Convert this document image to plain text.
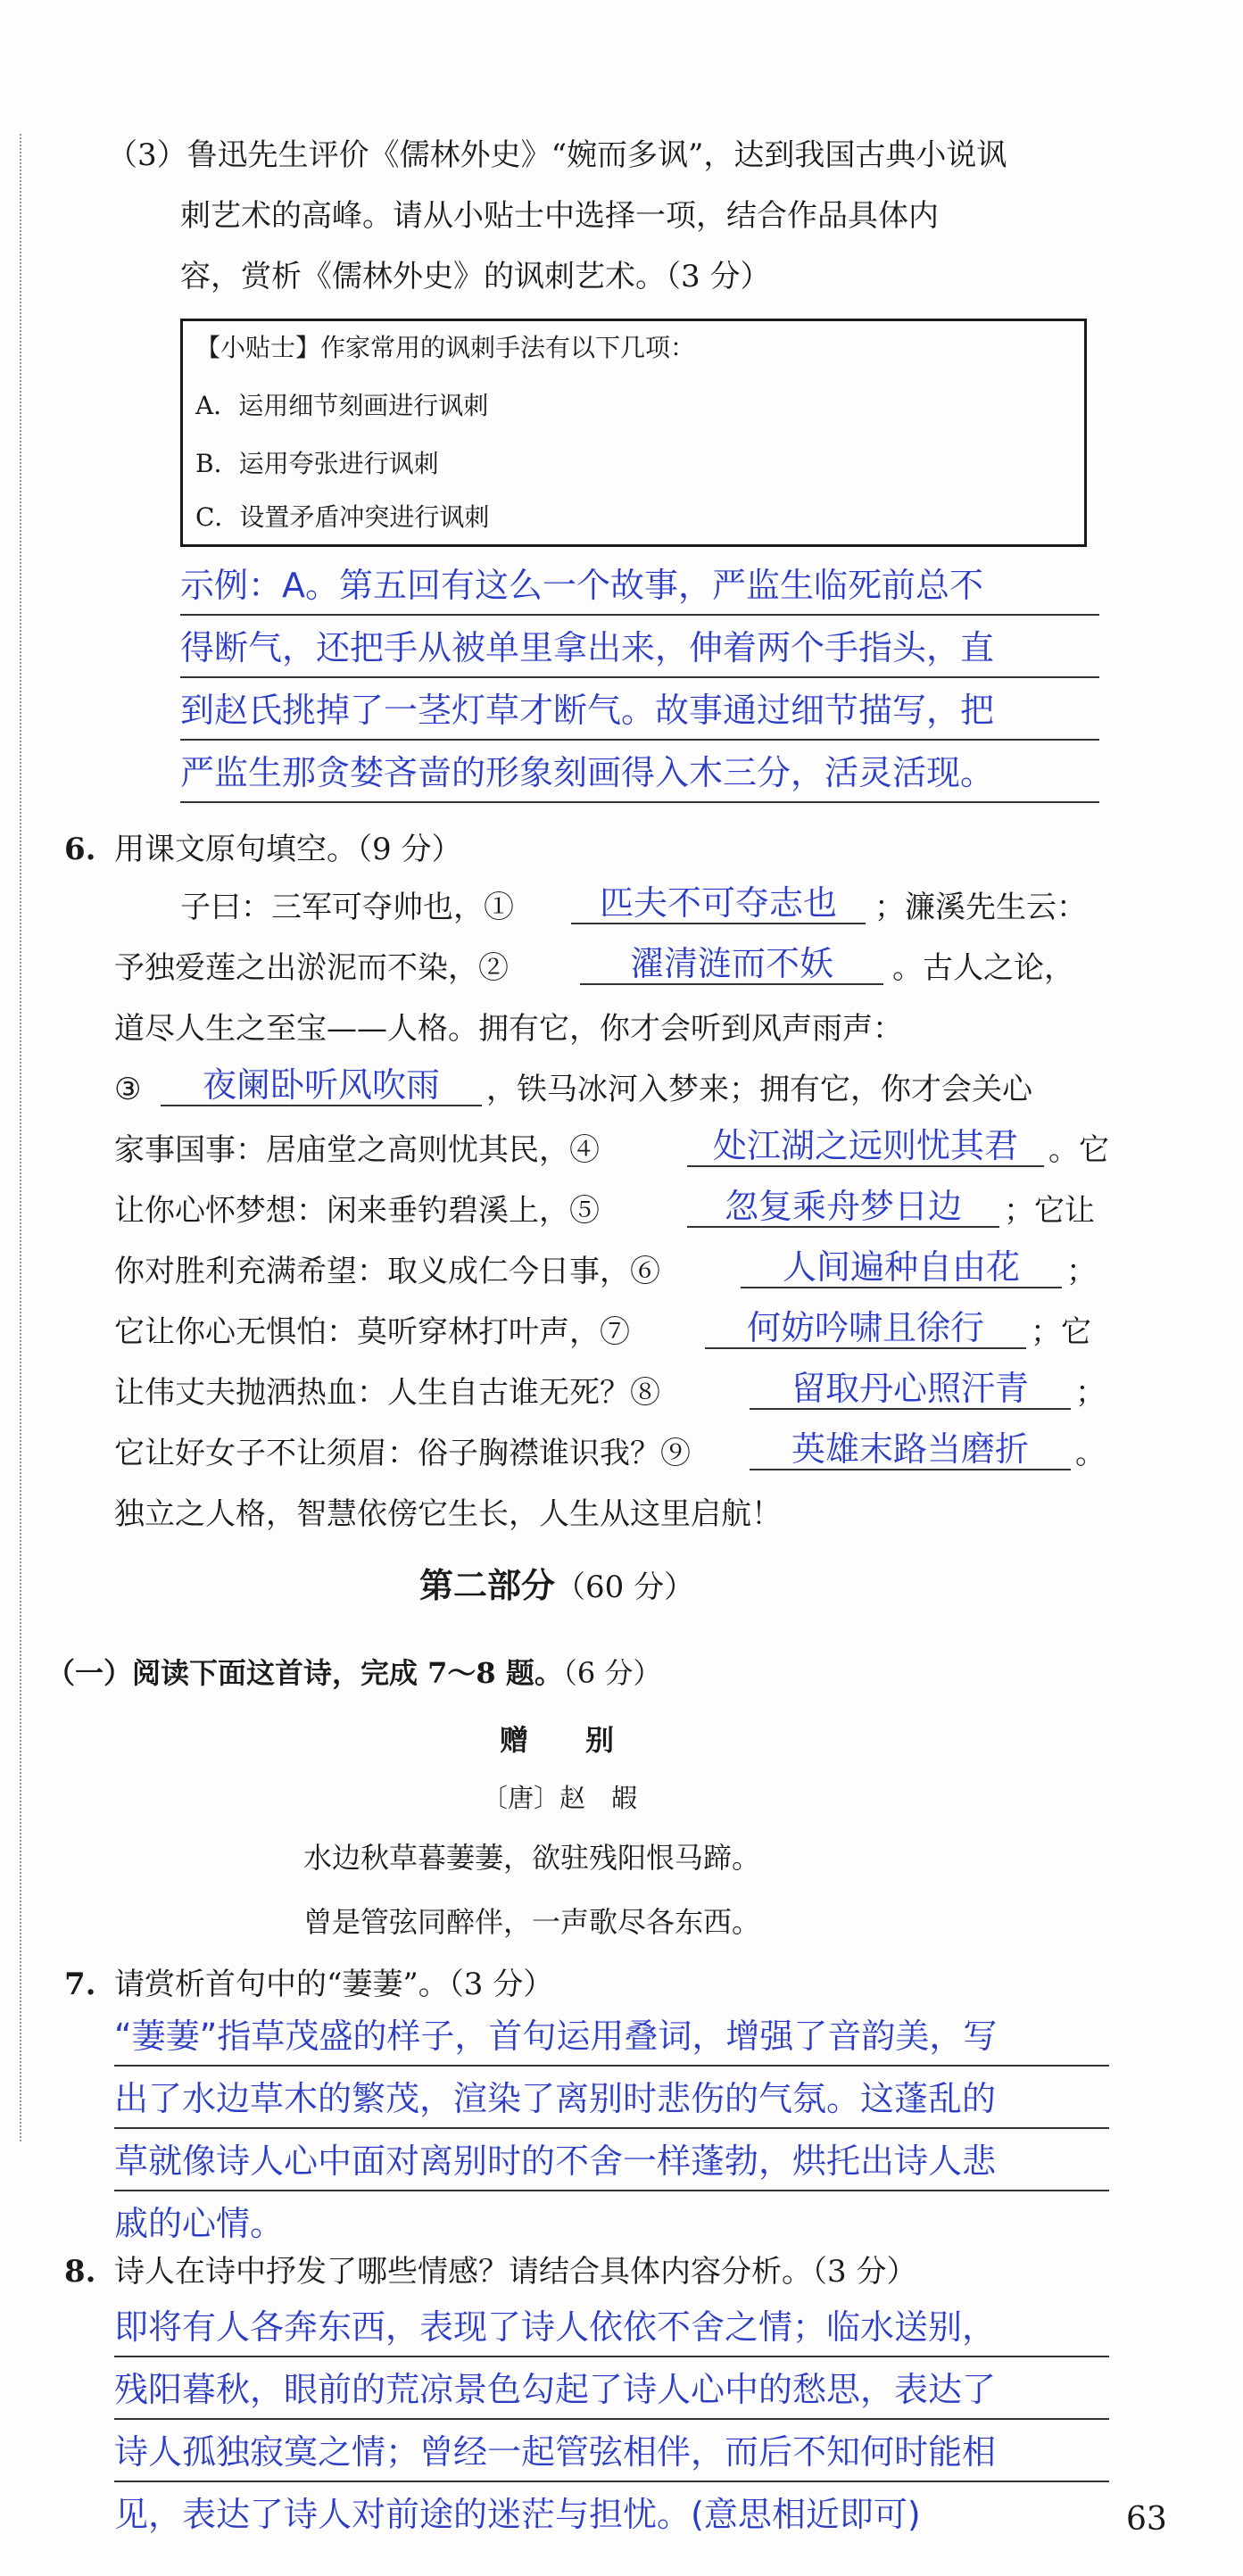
（3）鲁迅先生评价《儒林外史》“婉而多讽”，达到我国古典小说讽
刺艺术的高峰。请从小贴士中选择一项，结合作品具体内
容，赏析《儒林外史》的讽刺艺术。（3 分）
【小贴士】作家常用的讽刺手法有以下几项：
A．运用细节刻画进行讽刺
B．运用夸张进行讽刺
C．设置矛盾冲突进行讽刺
示例：A。第五回有这么一个故事，严监生临死前总不
得断气，还把手从被单里拿出来，伸着两个手指头，直
到赵氏挑掉了一茎灯草才断气。故事通过细节描写，把
严监生那贪婪吝啬的形象刻画得入木三分，活灵活现。
6. 用课文原句填空。（9 分）
子曰：三军可夺帅也，①	匹夫不可夺志也	；濂溪先生云：
予独爱莲之出淤泥而不染，②	濯清涟而不妖	。古人之论，
道尽人生之至宝——人格。拥有它，你才会听到风声雨声：
③	夜阑卧听风吹雨	，铁马冰河入梦来；拥有它，你才会关心
家事国事：居庙堂之高则忧其民，④	处江湖之远则忧其君	。它
让你心怀梦想：闲来垂钓碧溪上，⑤	忽复乘舟梦日边	；它让
你对胜利充满希望：取义成仁今日事，⑥	人间遍种自由花	；
它让你心无惧怕：莫听穿林打叶声，⑦	何妨吟啸且徐行	；它
让伟丈夫抛洒热血：人生自古谁无死？⑧	留取丹心照汗青	；
它让好女子不让须眉：俗子胸襟谁识我？⑨	英雄末路当磨折	。
独立之人格，智慧依傍它生长，人生从这里启航！
第二部分（60 分）
（一）阅读下面这首诗，完成 7～8 题。（6 分）
赠　　别
〔唐〕赵　嘏
水边秋草暮萋萋，欲驻残阳恨马蹄。
曾是管弦同醉伴，一声歌尽各东西。
7. 请赏析首句中的“萋萋”。（3 分）
“萋萋”指草茂盛的样子，首句运用叠词，增强了音韵美，写
出了水边草木的繁茂，渲染了离别时悲伤的气氛。这蓬乱的
草就像诗人心中面对离别时的不舍一样蓬勃，烘托出诗人悲
戚的心情。
8. 诗人在诗中抒发了哪些情感？请结合具体内容分析。（3 分）
即将有人各奔东西，表现了诗人依依不舍之情；临水送别，
残阳暮秋，眼前的荒凉景色勾起了诗人心中的愁思，表达了
诗人孤独寂寞之情；曾经一起管弦相伴，而后不知何时能相
见，表达了诗人对前途的迷茫与担忧。(意思相近即可)	63
